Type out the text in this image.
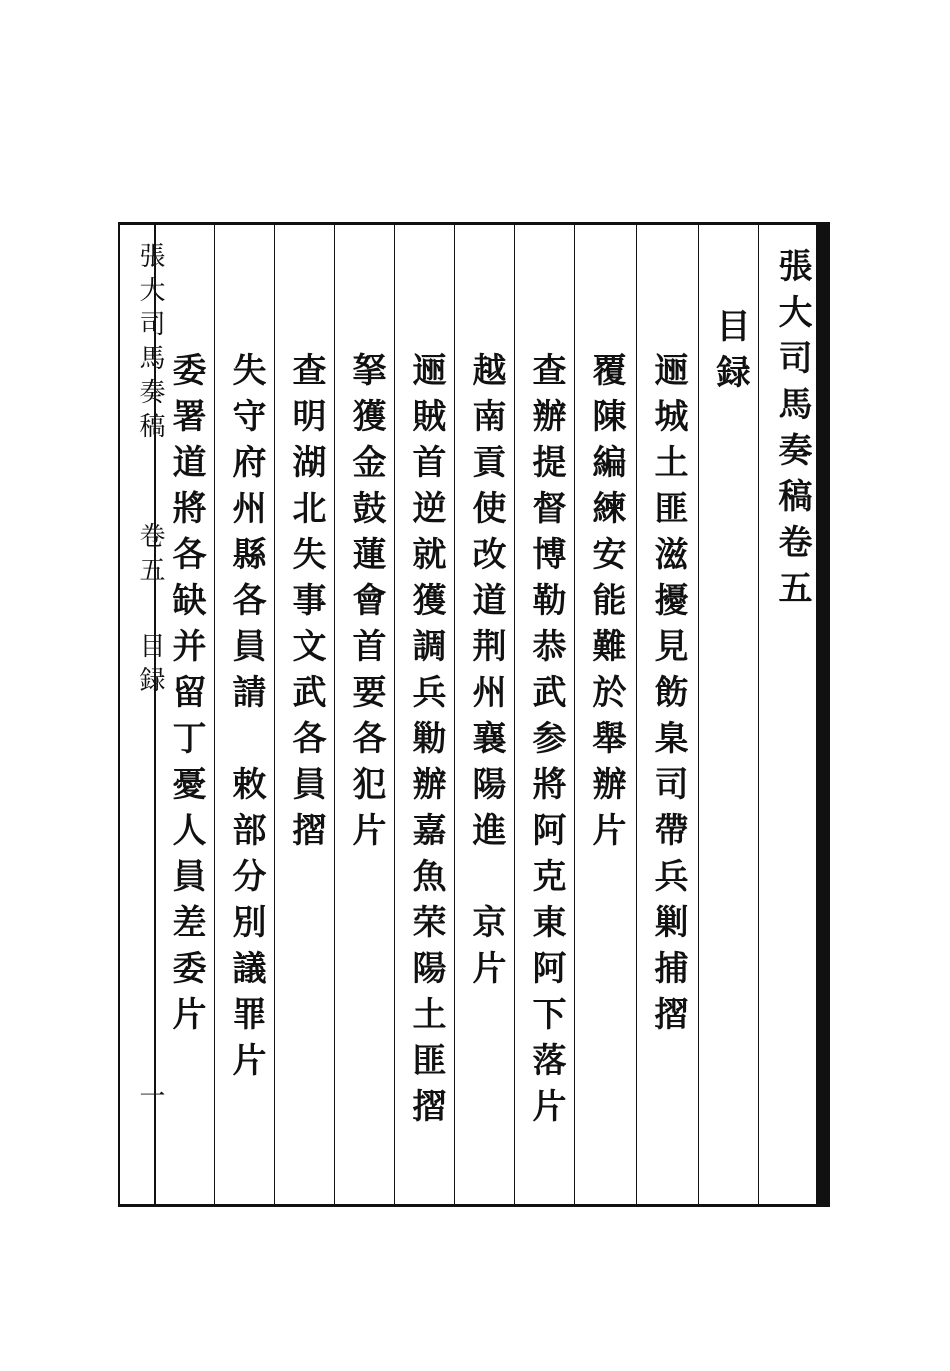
張大司馬奏稿
卷五
目録
一
張大司馬奏稿卷五
目録
逦城土匪滋擾見飭臬司帶兵剿捕摺
覆陳編練安能難於舉辦片
查辦提督博勒恭武参將阿克東阿下落片
越南貢使改道荆州襄陽進　京片
逦賊首逆就獲調兵勦辦嘉魚荣陽土匪摺
拏獲金鼓蓮會首要各犯片
查明湖北失事文武各員摺
失守府州縣各員請　敕部分別議罪片
委署道將各缺并留丁憂人員差委片
